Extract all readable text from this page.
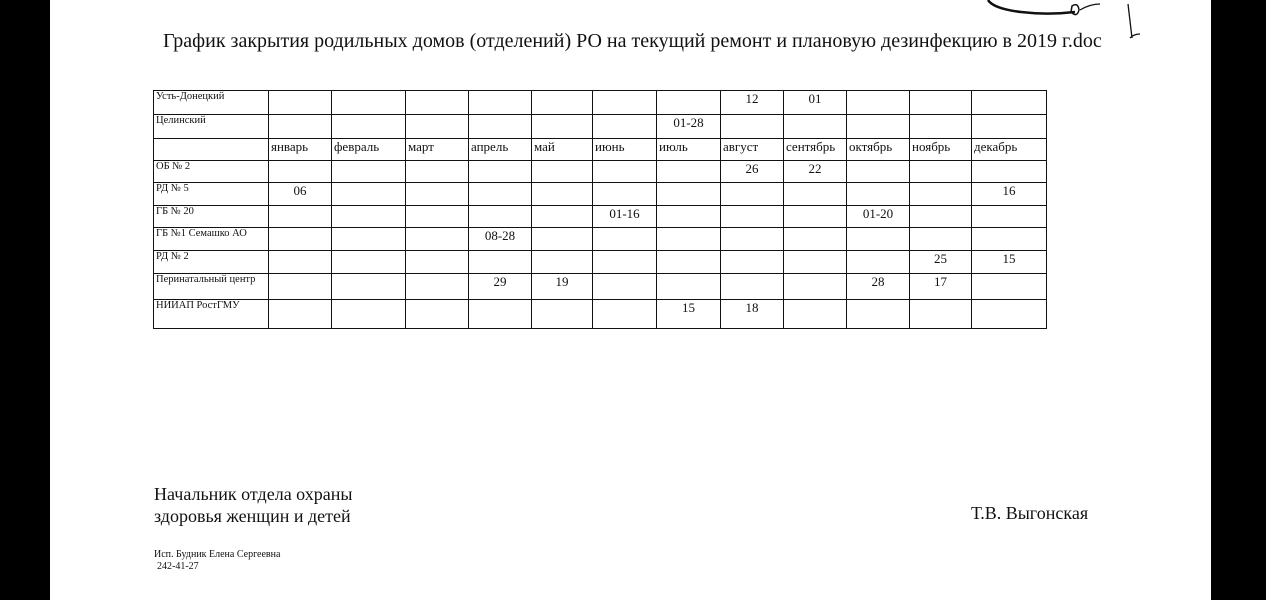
График закрытия родильных домов (отделений) РО на текущий ремонт и плановую дезинфекцию в 2019 г.doc
Усть-Донецкий								12	01			
Целинский							01-28					
	январь	февраль	март	апрель	май	июнь	июль	август	сентябрь	октябрь	ноябрь	декабрь
ОБ № 2								26	22			
РД № 5	06											16
ГБ № 20						01-16				01-20		
ГБ №1 Семашко АО				08-28								
РД № 2											25	15
Перинатальный центр				29	19					28	17	
НИИАП РостГМУ							15	18				
Начальник отдела охраны
здоровья женщин и детей	Т.В. Выгонская
Исп. Будник Елена Сергеевна
242-41-27
